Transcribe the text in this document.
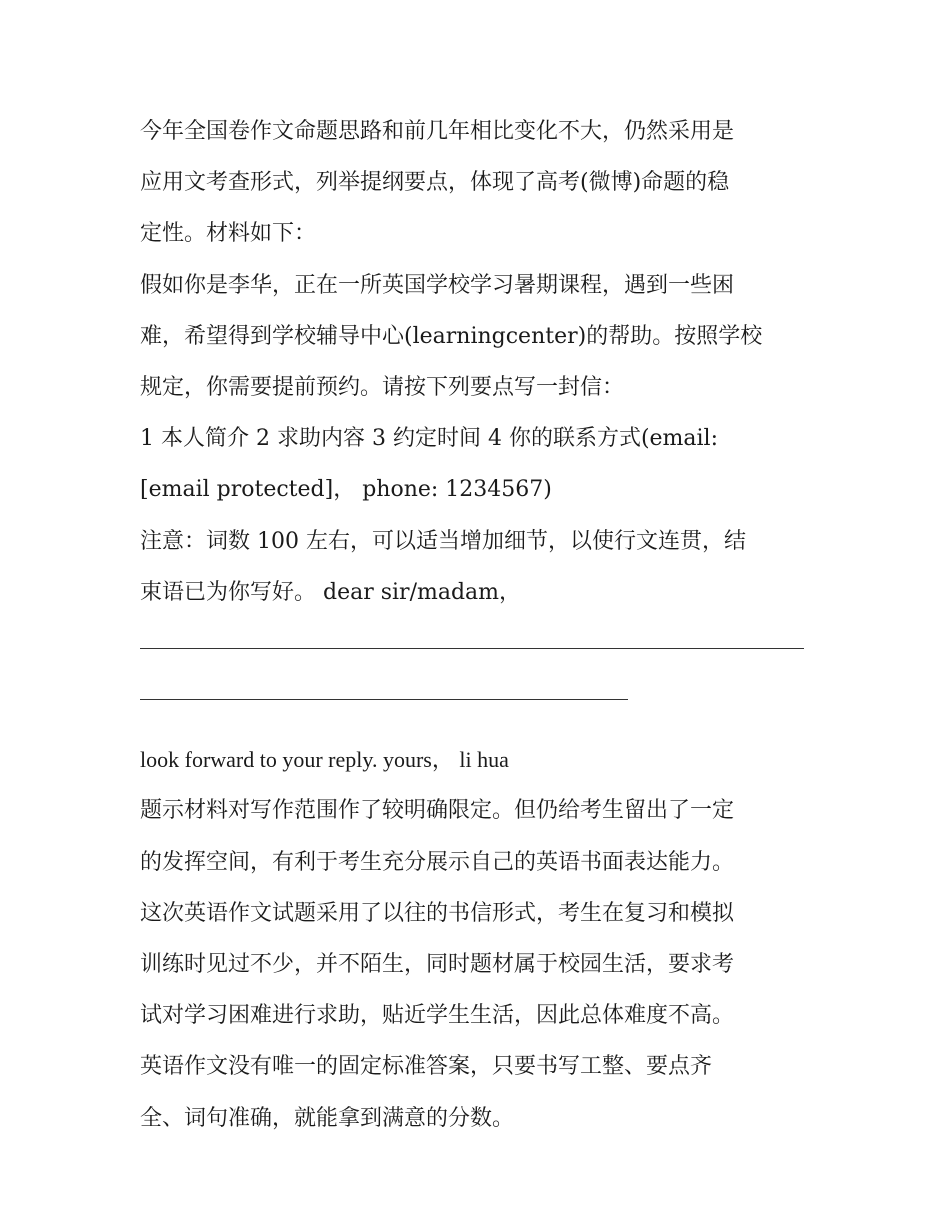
今年全国卷作文命题思路和前几年相比变化不大，仍然采用是

应用文考查形式，列举提纲要点，体现了高考(微博)命题的稳

定性。材料如下：

假如你是李华，正在一所英国学校学习暑期课程，遇到一些困

难，希望得到学校辅导中心(learningcenter)的帮助。按照学校

规定，你需要提前预约。请按下列要点写一封信：

1 本人简介 2 求助内容 3 约定时间 4 你的联系方式(email:

[email protected]， phone: 1234567)

注意：词数 100 左右，可以适当增加细节，以使行文连贯，结

束语已为你写好。 dear sir/madam，

look forward to your reply. yours， li hua

题示材料对写作范围作了较明确限定。但仍给考生留出了一定

的发挥空间，有利于考生充分展示自己的英语书面表达能力。

这次英语作文试题采用了以往的书信形式，考生在复习和模拟

训练时见过不少，并不陌生，同时题材属于校园生活，要求考

试对学习困难进行求助，贴近学生生活，因此总体难度不高。

英语作文没有唯一的固定标准答案，只要书写工整、要点齐

全、词句准确，就能拿到满意的分数。
